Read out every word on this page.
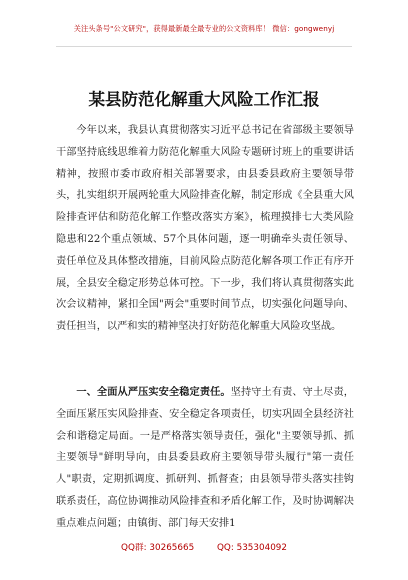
关注头条号"公文研究"，获得最新最全最专业的公文资料库！ 微信：gongwenyj
某县防范化解重大风险工作汇报

今年以来，我县认真贯彻落实习近平总书记在省部级主要领导干部坚持底线思维着力防范化解重大风险专题研讨班上的重要讲话精神，按照市委市政府相关部署要求，由县委县政府主要领导带头，扎实组织开展两轮重大风险排查化解，制定形成《全县重大风险排查评估和防范化解工作整改落实方案》，梳理摸排七大类风险隐患和22个重点领域、57个具体问题，逐一明确牵头责任领导、责任单位及具体整改措施，目前风险点防范化解各项工作正有序开展，全县安全稳定形势总体可控。下一步，我们将认真贯彻落实此次会议精神，紧扣全国"两会"重要时间节点，切实强化问题导向、责任担当，以严和实的精神坚决打好防范化解重大风险攻坚战。

一、全面从严压实安全稳定责任。坚持守土有责、守土尽责，全面压紧压实风险排查、安全稳定各项责任，切实巩固全县经济社会和谐稳定局面。一是严格落实领导责任，强化"主要领导抓、抓主要领导"鲜明导向，由县委县政府主要领导带头履行"第一责任人"职责，定期抓调度、抓研判、抓督查；由县领导带头落实挂钩联系责任，高位协调推动风险排查和矛盾化解工作，及时协调解决重点难点问题；由镇街、部门每天安排1

QQ群: 30265665	QQ: 535304092
